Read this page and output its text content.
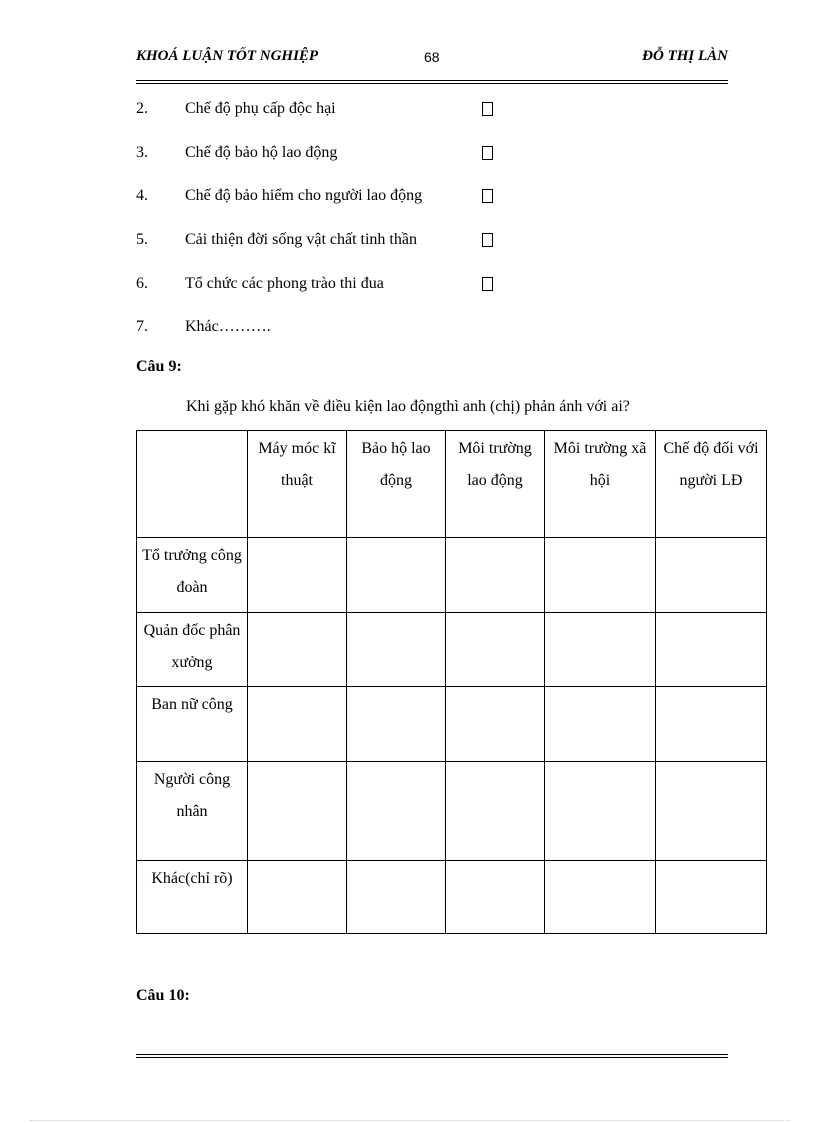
KHOÁ LUẬN TỐT NGHIỆP	68	ĐỖ THỊ LÀN
2. Chế độ phụ cấp độc hại
3. Chế độ bảo hộ lao động
4. Chế độ bảo hiểm cho người lao động
5. Cải thiện đời sống vật chất tinh thần
6. Tổ chức các phong trào thi đua
7. Khác……….
Câu 9:
Khi gặp khó khăn về điều kiện lao độngthì anh (chị) phản ánh với ai?
	Máy móc kĩ thuật	Bảo hộ lao động	Môi trường lao động	Môi trường xã hội	Chế độ đối với người LĐ
Tổ trưởng công đoàn					
Quản đốc phân xưởng					
Ban nữ công					
Người công nhân					
Khác(chỉ rõ)					
Câu 10:
